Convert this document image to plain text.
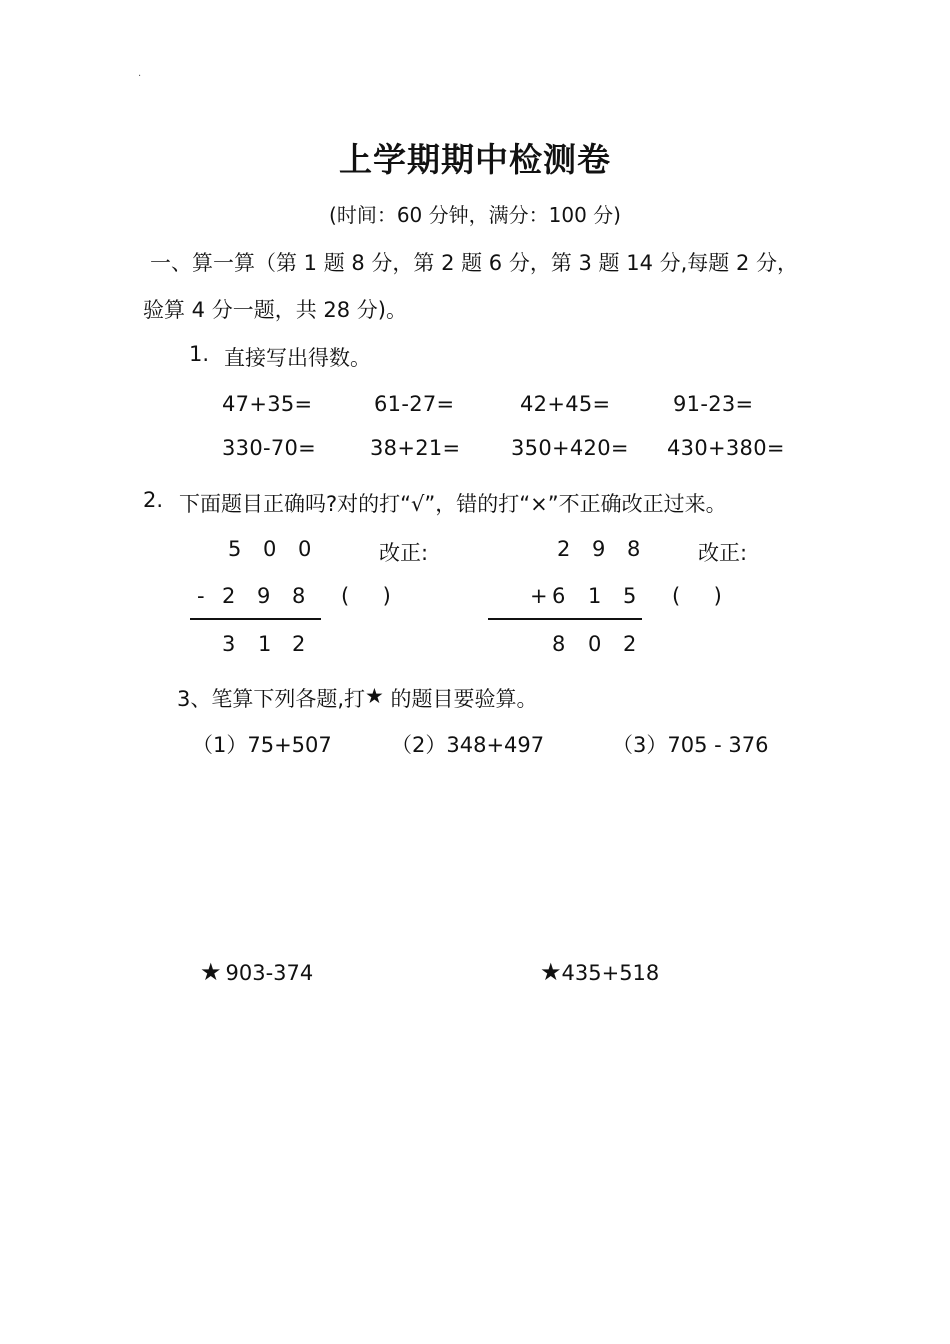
.
上学期期中检测卷
(时间：60 分钟，满分：100 分)
一、算一算（第 1 题 8 分，第 2 题 6 分，第 3 题 14 分,每题 2 分，
验算 4 分一题，共 28 分)。
1. 直接写出得数。
47+35=	61-27=	42+45=	91-23=
330-70=	38+21= 350+420= 430+380=
2. 下面题目正确吗?对的打“√”，错的打“×”不正确改正过来。
5 0 0
- 2 9 8
3 1 2
改正:
(     )
2 9 8
+ 6 1 5
8 0 2
改正:
(     )
3、笔算下列各题,打★ 的题目要验算。
（1）75+507	（2）348+497	（3）705 - 376
★ 903-374	★435+518
